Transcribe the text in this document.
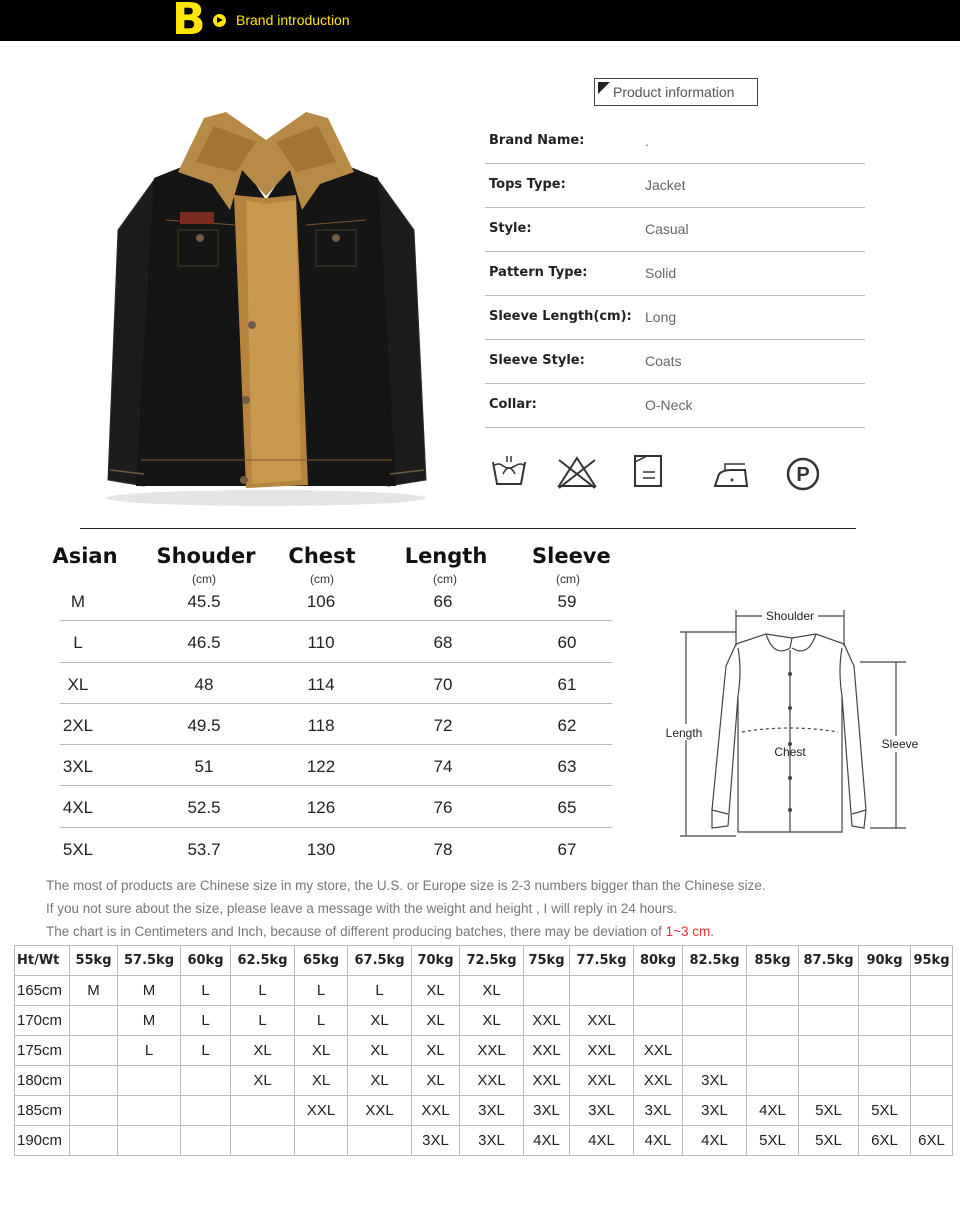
B Brand introduction
Product information
Brand Name:	.
Tops Type:	Jacket
Style:	Casual
Pattern Type:	Solid
Sleeve Length(cm): Long
Sleeve Style:	Coats
Collar:	O-Neck
P
Asian Shouder Chest Length Sleeve
(cm)	(cm)	(cm)	(cm)
M	45.5	106	66	59
L	46.5	110	68	60
XL	48	114	70	61
2XL	49.5	118	72	62
3XL	51	122	74	63
4XL	52.5	126	76	65
5XL	53.7	130	78	67
Shoulder
Length
Chest
Sleeve
The most of products are Chinese size in my store, the U.S. or Europe size is 2-3 numbers bigger than the Chinese size.
If you not sure about the size, please leave a message with the weight and height , I will reply in 24 hours.
The chart is in Centimeters and Inch, because of different producing batches, there may be deviation of 1~3 cm.
Ht/Wt	55kg	57.5kg	60kg	62.5kg	65kg	67.5kg	70kg	72.5kg	75kg	77.5kg	80kg	82.5kg	85kg	87.5kg	90kg	95kg
165cm	M	M	L	L	L	L	XL	XL								
170cm		M	L	L	L	XL	XL	XL	XXL	XXL						
175cm		L	L	XL	XL	XL	XL	XXL	XXL	XXL	XXL					
180cm				XL	XL	XL	XL	XXL	XXL	XXL	XXL	3XL				
185cm					XXL	XXL	XXL	3XL	3XL	3XL	3XL	3XL	4XL	5XL	5XL	
190cm							3XL	3XL	4XL	4XL	4XL	4XL	5XL	5XL	6XL	6XL
